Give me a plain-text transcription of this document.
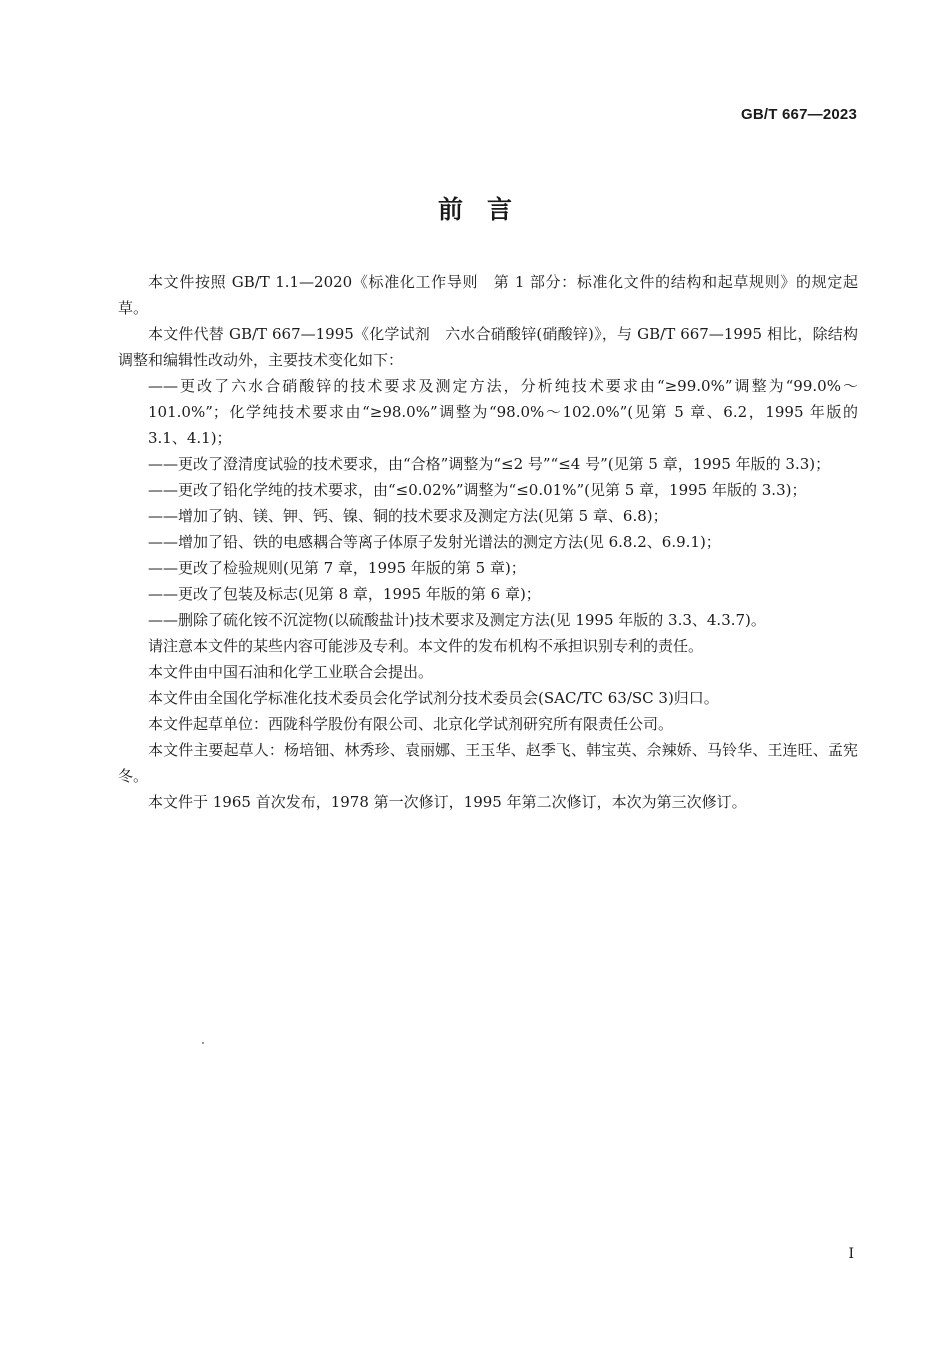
GB/T 667—2023
前言

本文件按照 GB/T 1.1—2020《标准化工作导则　第 1 部分：标准化文件的结构和起草规则》的规定起草。

本文件代替 GB/T 667—1995《化学试剂　六水合硝酸锌(硝酸锌)》，与 GB/T 667—1995 相比，除结构调整和编辑性改动外，主要技术变化如下：

——更改了六水合硝酸锌的技术要求及测定方法，分析纯技术要求由“≥99.0%”调整为“99.0%～101.0%”；化学纯技术要求由“≥98.0%”调整为“98.0%～102.0%”(见第 5 章、6.2，1995 年版的 3.1、4.1)；

——更改了澄清度试验的技术要求，由“合格”调整为“≤2 号”“≤4 号”(见第 5 章，1995 年版的 3.3)；

——更改了铅化学纯的技术要求，由“≤0.02%”调整为“≤0.01%”(见第 5 章，1995 年版的 3.3)；

——增加了钠、镁、钾、钙、镍、铜的技术要求及测定方法(见第 5 章、6.8)；

——增加了铅、铁的电感耦合等离子体原子发射光谱法的测定方法(见 6.8.2、6.9.1)；

——更改了检验规则(见第 7 章，1995 年版的第 5 章)；

——更改了包装及标志(见第 8 章，1995 年版的第 6 章)；

——删除了硫化铵不沉淀物(以硫酸盐计)技术要求及测定方法(见 1995 年版的 3.3、4.3.7)。

请注意本文件的某些内容可能涉及专利。本文件的发布机构不承担识别专利的责任。

本文件由中国石油和化学工业联合会提出。

本文件由全国化学标准化技术委员会化学试剂分技术委员会(SAC/TC 63/SC 3)归口。

本文件起草单位：西陇科学股份有限公司、北京化学试剂研究所有限责任公司。

本文件主要起草人：杨培钿、林秀珍、袁丽娜、王玉华、赵季飞、韩宝英、佘辣娇、马铃华、王连旺、孟宪冬。

本文件于 1965 首次发布，1978 第一次修订，1995 年第二次修订，本次为第三次修订。

I
